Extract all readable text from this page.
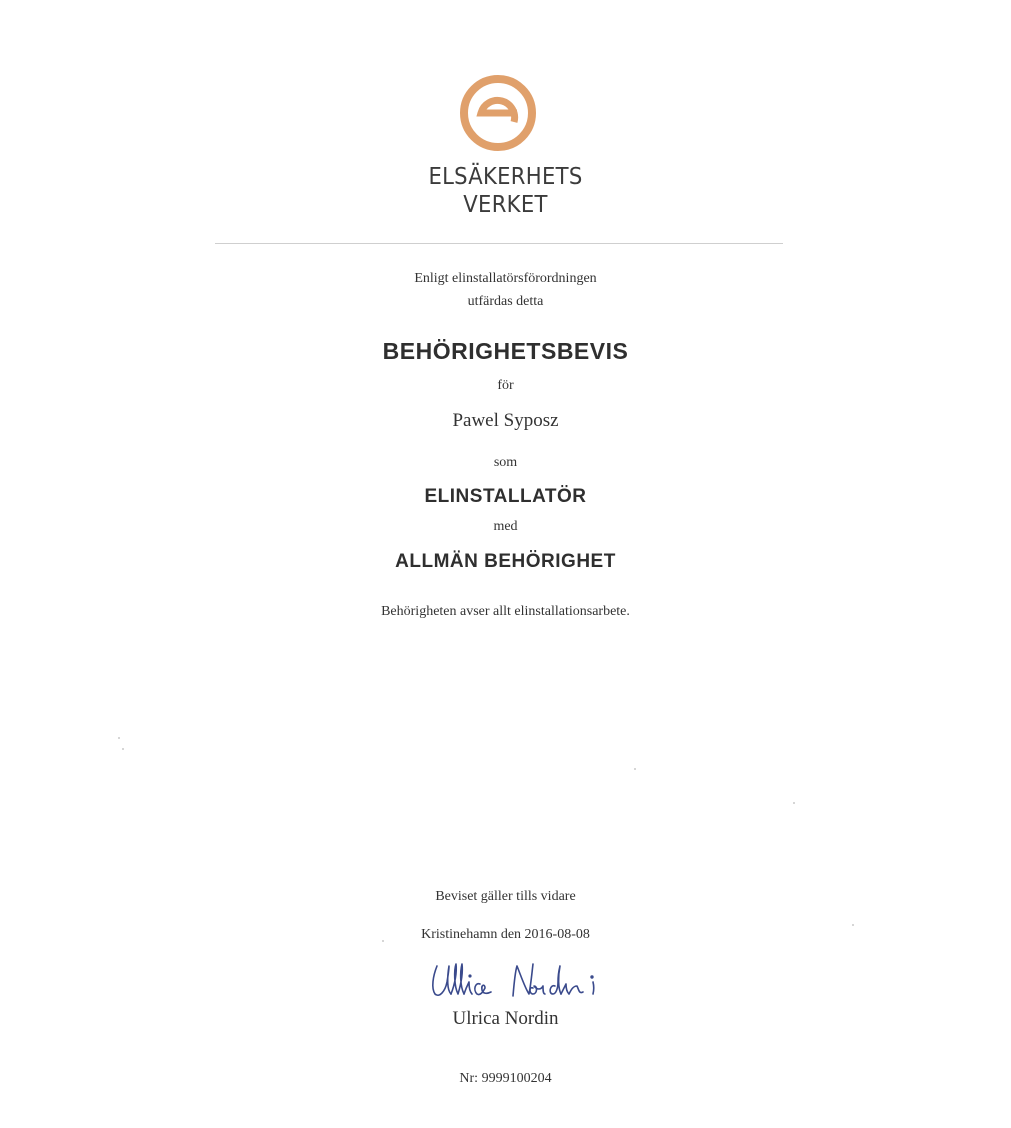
ELSÄKERHETS
VERKET
Enligt elinstallatörsförordningen
utfärdas detta
BEHÖRIGHETSBEVIS
för
Pawel Syposz
som
ELINSTALLATÖR
med
ALLMÄN BEHÖRIGHET
Behörigheten avser allt elinstallationsarbete.
Beviset gäller tills vidare
Kristinehamn den 2016-08-08
Ulrica Nordin
Nr: 9999100204
